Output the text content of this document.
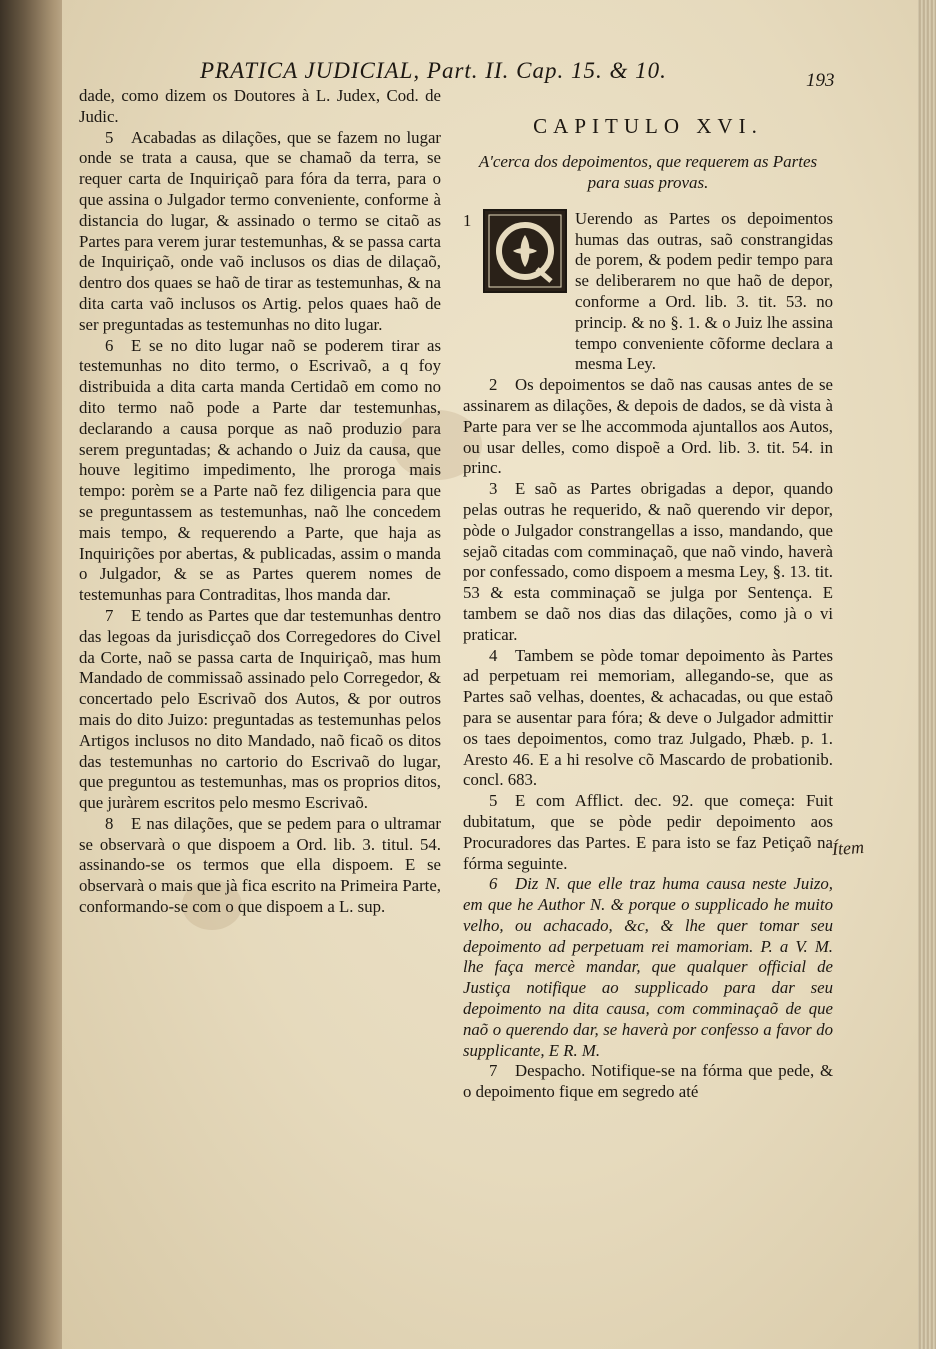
PRATICA JUDICIAL, Part. II. Cap. 15. & 10.	193

dade, como dizem os Doutores à L. Judex, Cod. de Judic.

5 Acabadas as dilações, que se fazem no lugar onde se trata a causa, que se chamaõ da terra, se requer carta de Inquiriçaõ para fóra da terra, para o que assina o Julgador termo conveniente, conforme à distancia do lugar, & assinado o termo se citaõ as Partes para verem jurar testemunhas, & se passa carta de Inquiriçaõ, onde vaõ inclusos os dias de dilaçaõ, dentro dos quaes se haõ de tirar as testemunhas, & na dita carta vaõ inclusos os Artig. pelos quaes haõ de ser preguntadas as testemunhas no dito lugar.

6 E se no dito lugar naõ se poderem tirar as testemunhas no dito termo, o Escrivaõ, a q foy distribuida a dita carta manda Certidaõ em como no dito termo naõ pode a Parte dar testemunhas, declarando a causa porque as naõ produzio para serem preguntadas; & achando o Juiz da causa, que houve legitimo impedimento, lhe proroga mais tempo: porèm se a Parte naõ fez diligencia para que se preguntassem as testemunhas, naõ lhe concedem mais tempo, & requerendo a Parte, que haja as Inquirições por abertas, & publicadas, assim o manda o Julgador, & se as Partes querem nomes de testemunhas para Contraditas, lhos manda dar.

7 E tendo as Partes que dar testemunhas dentro das legoas da jurisdicçaõ dos Corregedores do Civel da Corte, naõ se passa carta de Inquiriçaõ, mas hum Mandado de commissaõ assinado pelo Corregedor, & concertado pelo Escrivaõ dos Autos, & por outros mais do dito Juizo: preguntadas as testemunhas pelos Artigos inclusos no dito Mandado, naõ ficaõ os ditos das testemunhas no cartorio do Escrivaõ do lugar, que preguntou as testemunhas, mas os proprios ditos, que juràrem escritos pelo mesmo Escrivaõ.

8 E nas dilações, que se pedem para o ultramar se observarà o que dispoem a Ord. lib. 3. titul. 54. assinando-se os termos que ella dispoem. E se observarà o mais que jà fica escrito na Primeira Parte, conformando-se com o que dispoem a L. sup.

CAPITULO XVI.
A'cerca dos depoimentos, que requerem as Partes para suas provas.
1	Uerendo as Partes os depoimentos humas das outras, saõ constrangidas de porem, & podem pedir tempo para se deliberarem no que haõ de depor, conforme a Ord. lib. 3. tit. 53. no princip. & no §. 1. & o Juiz lhe assina tempo conveniente cõforme declara a mesma Ley.

2 Os depoimentos se daõ nas causas antes de se assinarem as dilações, & depois de dados, se dà vista à Parte para ver se lhe accommoda ajuntallos aos Autos, ou usar delles, como dispoẽ a Ord. lib. 3. tit. 54. in princ.

3 E saõ as Partes obrigadas a depor, quando pelas outras he requerido, & naõ querendo vir depor, pòde o Julgador constrangellas a isso, mandando, que sejaõ citadas com comminaçaõ, que naõ vindo, haverà por confessado, como dispoem a mesma Ley, §. 13. tit. 53 & esta comminaçaõ se julga por Sentença. E tambem se daõ nos dias das dilações, como jà o vi praticar.

4 Tambem se pòde tomar depoimento às Partes ad perpetuam rei memoriam, allegando-se, que as Partes saõ velhas, doentes, & achacadas, ou que estaõ para se ausentar para fóra; & deve o Julgador admittir os taes depoimentos, como traz Julgado, Phæb. p. 1. Aresto 46. E a hi resolve cõ Mascardo de probationib. concl. 683.

5 E com Afflict. dec. 92. que começa: Fuit dubitatum, que se pòde pedir depoimento aos Procuradores das Partes. E para isto se faz Petiçaõ na fórma seguinte.

6 Diz N. que elle traz huma causa neste Juizo, em que he Author N. & porque o supplicado he muito velho, ou achacado, &c, & lhe quer tomar seu depoimento ad perpetuam rei mamoriam. P. a V. M. lhe faça mercè mandar, que qualquer official de Justiça notifique ao supplicado para dar seu depoimento na dita causa, com comminaçaõ de que naõ o querendo dar, se haverà por confesso a favor do supplicante, E R. M.

7 Despacho. Notifique-se na fórma que pede, & o depoimento fique em segredo até

Ítem
